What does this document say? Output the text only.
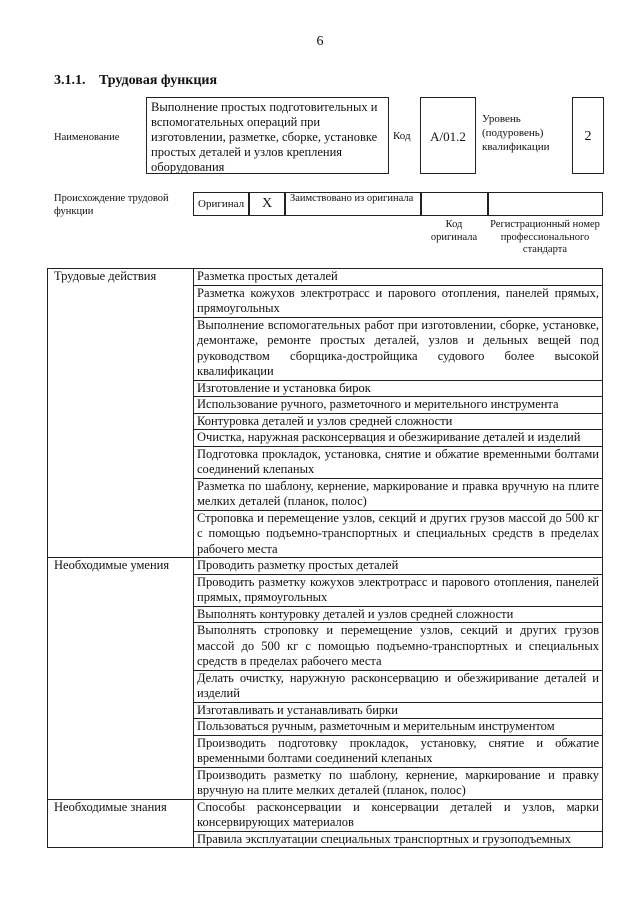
6
3.1.1. Трудовая функция
Наименование
Выполнение простых подготовительных и вспомогательных операций при изготовлении, разметке, сборке, установке простых деталей и узлов крепления оборудования
Код	A/01.2
Уровень (подуровень) квалификации
2
Происхождение трудовой функции
Оригинал	X	Заимствовано из оригинала
Код оригинала
Регистрационный номер профессионального стандарта
Трудовые действия	Разметка простых деталей
	Разметка кожухов электротрасс и парового отопления, панелей прямых, прямоугольных
	Выполнение вспомогательных работ при изготовлении, сборке, установке, демонтаже, ремонте простых деталей, узлов и дельных вещей под руководством сборщика-достройщика судового более высокой квалификации
	Изготовление и установка бирок
	Использование ручного, разметочного и мерительного инструмента
	Контуровка деталей и узлов средней сложности
	Очистка, наружная расконсервация и обезжиривание деталей и изделий
	Подготовка прокладок, установка, снятие и обжатие временными болтами соединений клепаных
	Разметка по шаблону, кернение, маркирование и правка вручную на плите мелких деталей (планок, полос)
	Строповка и перемещение узлов, секций и других грузов массой до 500 кг с помощью подъемно-транспортных и специальных средств в пределах рабочего места
Необходимые умения	Проводить разметку простых деталей
	Проводить разметку кожухов электротрасс и парового отопления, панелей прямых, прямоугольных
	Выполнять контуровку деталей и узлов средней сложности
	Выполнять строповку и перемещение узлов, секций и других грузов массой до 500 кг с помощью подъемно-транспортных и специальных средств в пределах рабочего места
	Делать очистку, наружную расконсервацию и обезжиривание деталей и изделий
	Изготавливать и устанавливать бирки
	Пользоваться ручным, разметочным и мерительным инструментом
	Производить подготовку прокладок, установку, снятие и обжатие временными болтами соединений клепаных
	Производить разметку по шаблону, кернение, маркирование и правку вручную на плите мелких деталей (планок, полос)
Необходимые знания	Способы расконсервации и консервации деталей и узлов, марки консервирующих материалов
	Правила эксплуатации специальных транспортных и грузоподъемных
